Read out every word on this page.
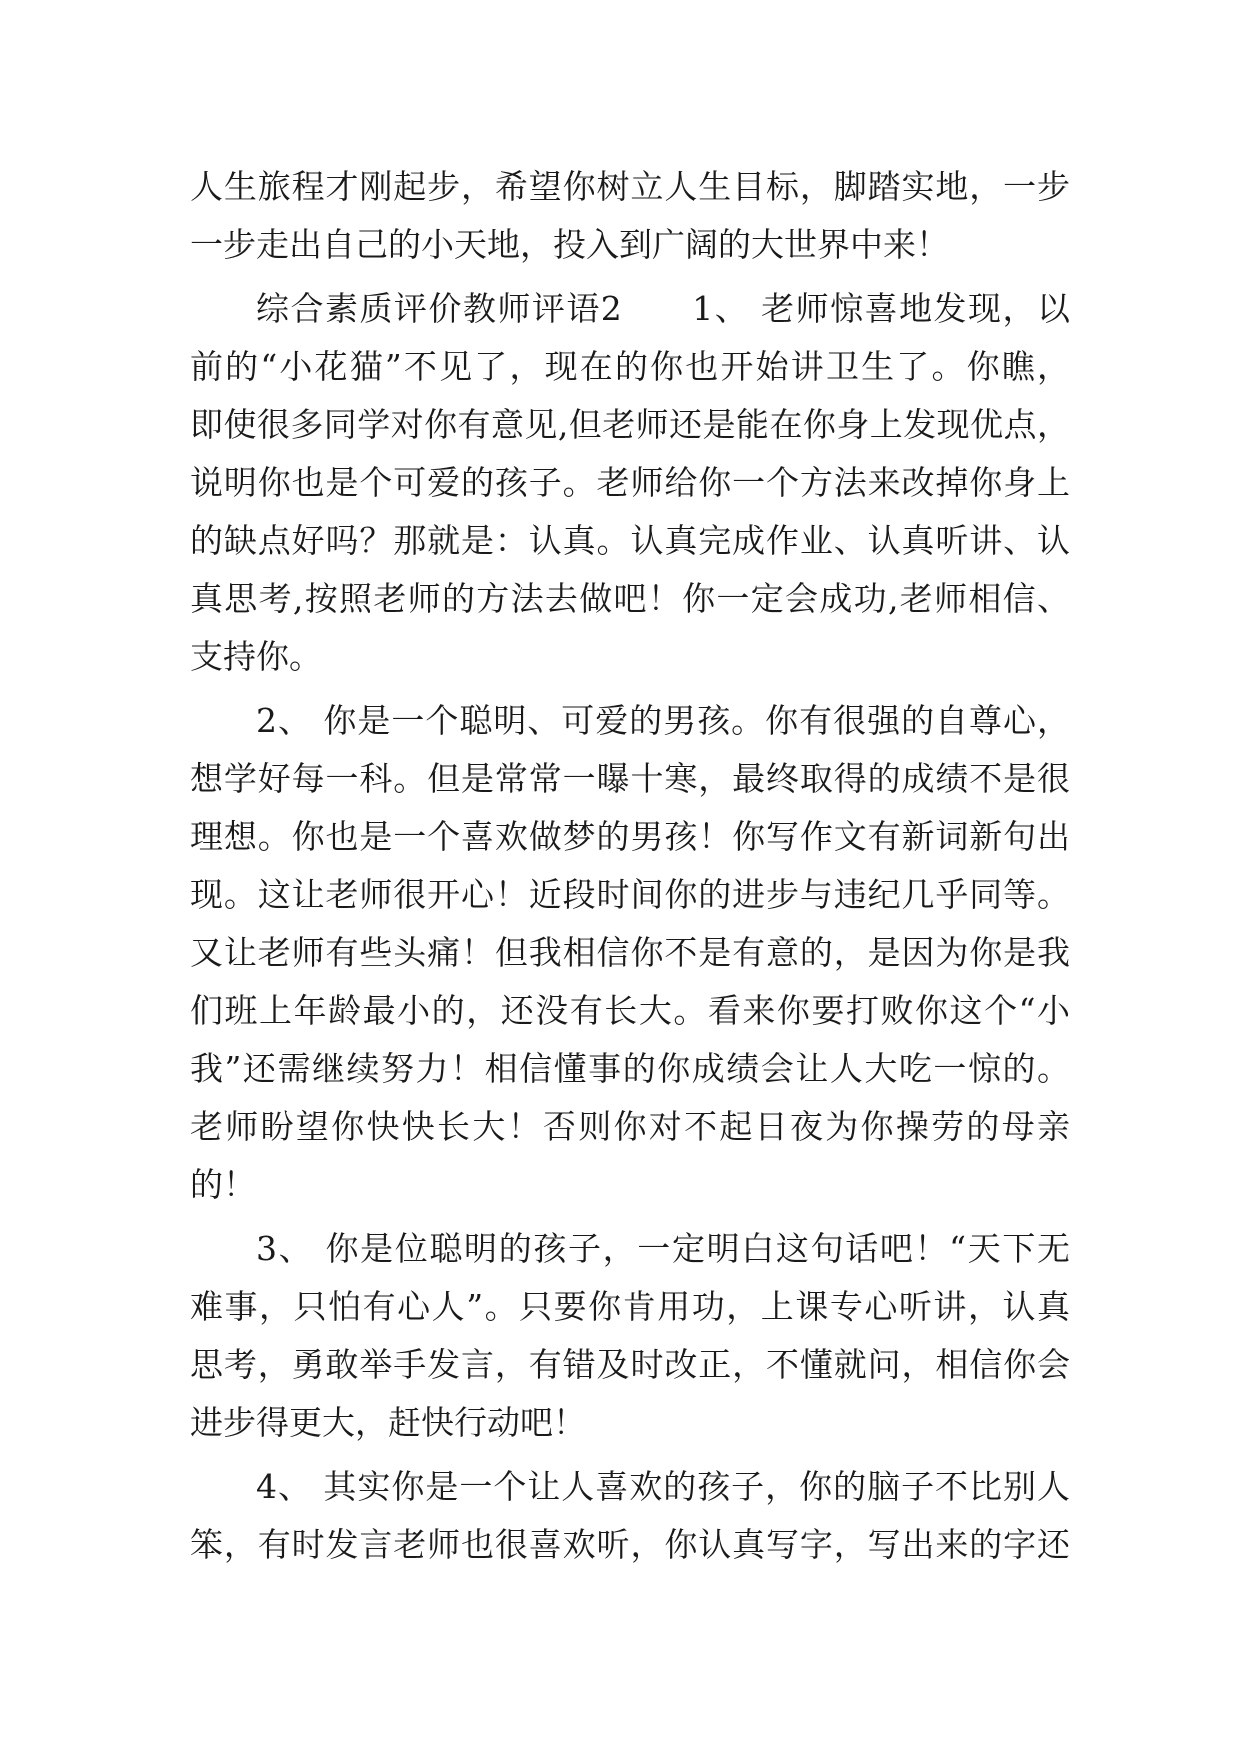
人生旅程才刚起步，希望你树立人生目标，脚踏实地，一步
一步走出自己的小天地，投入到广阔的大世界中来！
综合素质评价教师评语2　　1、 老师惊喜地发现，以
前的“小花猫”不见了，现在的你也开始讲卫生了。你瞧，
即使很多同学对你有意见,但老师还是能在你身上发现优点，
说明你也是个可爱的孩子。老师给你一个方法来改掉你身上
的缺点好吗？那就是：认真。认真完成作业、认真听讲、认
真思考,按照老师的方法去做吧！你一定会成功,老师相信、
支持你。
2、 你是一个聪明、可爱的男孩。你有很强的自尊心，
想学好每一科。但是常常一曝十寒，最终取得的成绩不是很
理想。你也是一个喜欢做梦的男孩！你写作文有新词新句出
现。这让老师很开心！近段时间你的进步与违纪几乎同等。
又让老师有些头痛！但我相信你不是有意的，是因为你是我
们班上年龄最小的，还没有长大。看来你要打败你这个“小
我”还需继续努力！相信懂事的你成绩会让人大吃一惊的。
老师盼望你快快长大！否则你对不起日夜为你操劳的母亲
的！
3、 你是位聪明的孩子，一定明白这句话吧！“天下无
难事，只怕有心人”。只要你肯用功，上课专心听讲，认真
思考，勇敢举手发言，有错及时改正，不懂就问，相信你会
进步得更大，赶快行动吧！
4、 其实你是一个让人喜欢的孩子，你的脑子不比别人
笨，有时发言老师也很喜欢听，你认真写字，写出来的字还
